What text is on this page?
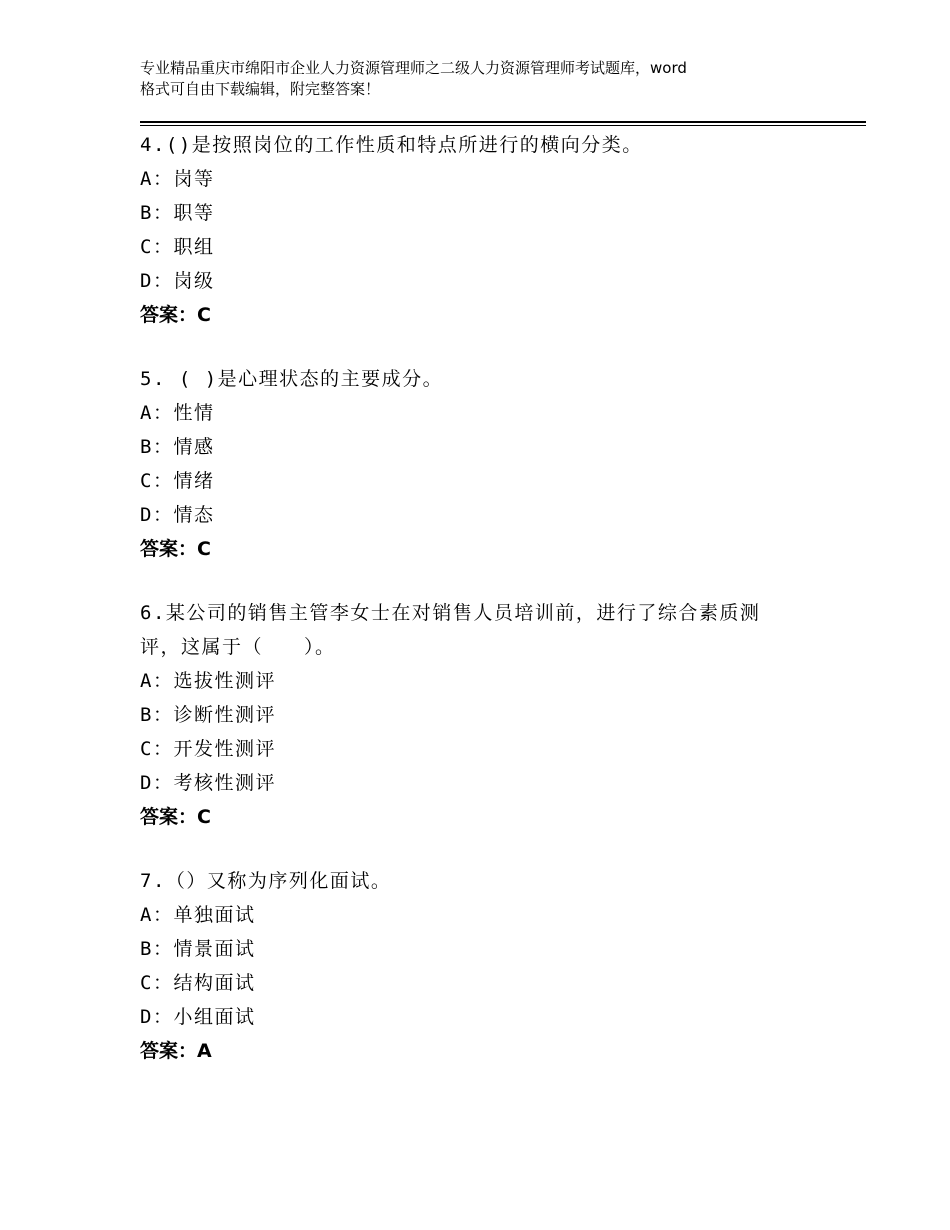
专业精品重庆市绵阳市企业人力资源管理师之二级人力资源管理师考试题库，word
格式可自由下载编辑，附完整答案！
4.()是按照岗位的工作性质和特点所进行的横向分类。
A：岗等
B：职等
C：职组
D：岗级
答案：C
5. ( )是心理状态的主要成分。
A：性情
B：情感
C：情绪
D：情态
答案：C
6.某公司的销售主管李女士在对销售人员培训前，进行了综合素质测
评，这属于（　　）。
A：选拔性测评
B：诊断性测评
C：开发性测评
D：考核性测评
答案：C
7.（）又称为序列化面试。
A：单独面试
B：情景面试
C：结构面试
D：小组面试
答案：A
